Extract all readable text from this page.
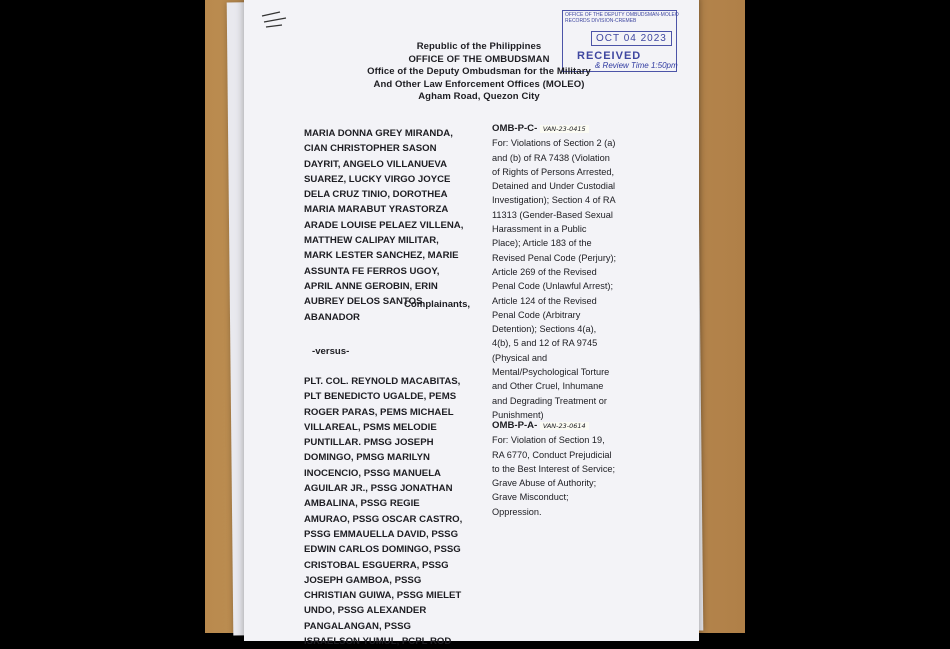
OFFICE OF THE DEPUTY OMBUDSMAN-MOLEO
RECORDS DIVISION-CREMEB
OCT 04 2023
RECEIVED
& Review Time 1:50pm
Republic of the Philippines
OFFICE OF THE OMBUDSMAN
Office of the Deputy Ombudsman for the Military
And Other Law Enforcement Offices (MOLEO)
Agham Road, Quezon City
MARIA DONNA GREY MIRANDA,
CIAN CHRISTOPHER SASON
DAYRIT, ANGELO VILLANUEVA
SUAREZ, LUCKY VIRGO JOYCE
DELA CRUZ TINIO, DOROTHEA
MARIA MARABUT YRASTORZA
ARADE LOUISE PELAEZ VILLENA,
MATTHEW CALIPAY MILITAR,
MARK LESTER SANCHEZ, MARIE
ASSUNTA FE FERROS UGOY,
APRIL ANNE GEROBIN, ERIN
AUBREY DELOS SANTOS
ABANADOR
Complainants,
-versus-
PLT. COL. REYNOLD MACABITAS,
PLT BENEDICTO UGALDE, PEMS
ROGER PARAS, PEMS MICHAEL
VILLAREAL, PSMS MELODIE
PUNTILLAR. PMSG JOSEPH
DOMINGO, PMSG MARILYN
INOCENCIO, PSSG MANUELA
AGUILAR JR., PSSG JONATHAN
AMBALINA, PSSG REGIE
AMURAO, PSSG OSCAR CASTRO,
PSSG EMMAUELLA DAVID, PSSG
EDWIN CARLOS DOMINGO, PSSG
CRISTOBAL ESGUERRA, PSSG
JOSEPH GAMBOA, PSSG
CHRISTIAN GUIWA, PSSG MIELET
UNDO, PSSG ALEXANDER
PANGALANGAN, PSSG
ISRAELSON YUMUL, PCPL ROD
OMB-P-C- VAN-23-0415
For: Violations of Section 2 (a)
and (b) of RA 7438 (Violation
of Rights of Persons Arrested,
Detained and Under Custodial
Investigation); Section 4 of RA
11313 (Gender-Based Sexual
Harassment in a Public
Place); Article 183 of the
Revised Penal Code (Perjury);
Article 269 of the Revised
Penal Code (Unlawful Arrest);
Article 124 of the Revised
Penal Code (Arbitrary
Detention); Sections 4(a),
4(b), 5 and 12 of RA 9745
(Physical and
Mental/Psychological Torture
and Other Cruel, Inhumane
and Degrading Treatment or
Punishment)
OMB-P-A- VAN-23-0614
For: Violation of Section 19,
RA 6770, Conduct Prejudicial
to the Best Interest of Service;
Grave Abuse of Authority;
Grave Misconduct;
Oppression.
